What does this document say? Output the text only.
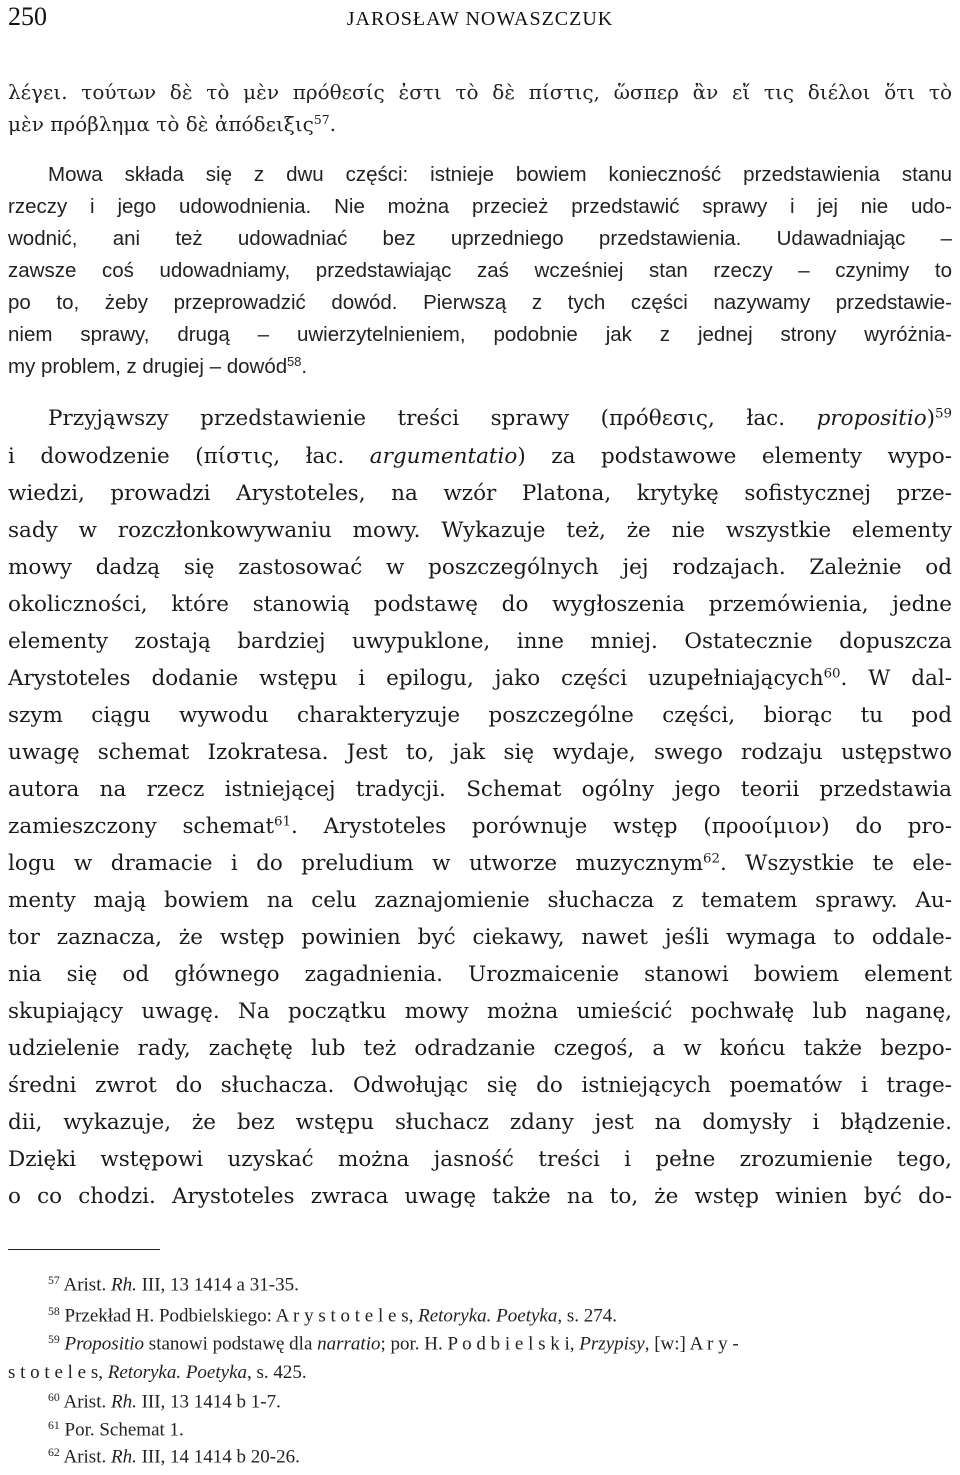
250	JAROSŁAW NOWASZCZUK
λέγει. τούτων δὲ τὸ μὲν πρόθεσίς ἐστι τὸ δὲ πίστις, ὥσπερ ἂν εἴ τις διέλοι ὅτι τὸ
μὲν πρόβλημα τὸ δὲ ἀπόδειξις$^{57}$.
Mowa składa się z dwu części: istnieje bowiem konieczność przedstawienia stanu
rzeczy i jego udowodnienia. Nie można przecież przedstawić sprawy i jej nie udo-
wodnić, ani też udowadniać bez uprzedniego przedstawienia. Udawadniając –
zawsze coś udowadniamy, przedstawiając zaś wcześniej stan rzeczy – czynimy to
po to, żeby przeprowadzić dowód. Pierwszą z tych części nazywamy przedstawie-
niem sprawy, drugą – uwierzytelnieniem, podobnie jak z jednej strony wyróżnia-
my problem, z drugiej – dowód$^{58}$.
Przyjąwszy przedstawienie treści sprawy (πρόθεσις, łac. propositio)$^{59}$
i dowodzenie (πίστις, łac. argumentatio) za podstawowe elementy wypo-
wiedzi, prowadzi Arystoteles, na wzór Platona, krytykę sofistycznej prze-
sady w rozczłonkowywaniu mowy. Wykazuje też, że nie wszystkie elementy
mowy dadzą się zastosować w poszczególnych jej rodzajach. Zależnie od
okoliczności, które stanowią podstawę do wygłoszenia przemówienia, jedne
elementy zostają bardziej uwypuklone, inne mniej. Ostatecznie dopuszcza
Arystoteles dodanie wstępu i epilogu, jako części uzupełniających$^{60}$. W dal-
szym ciągu wywodu charakteryzuje poszczególne części, biorąc tu pod
uwagę schemat Izokratesa. Jest to, jak się wydaje, swego rodzaju ustępstwo
autora na rzecz istniejącej tradycji. Schemat ogólny jego teorii przedstawia
zamieszczony schemat$^{61}$. Arystoteles porównuje wstęp (προοίμιον) do pro-
logu w dramacie i do preludium w utworze muzycznym$^{62}$. Wszystkie te ele-
menty mają bowiem na celu zaznajomienie słuchacza z tematem sprawy. Au-
tor zaznacza, że wstęp powinien być ciekawy, nawet jeśli wymaga to oddale-
nia się od głównego zagadnienia. Urozmaicenie stanowi bowiem element
skupiający uwagę. Na początku mowy można umieścić pochwałę lub naganę,
udzielenie rady, zachętę lub też odradzanie czegoś, a w końcu także bezpo-
średni zwrot do słuchacza. Odwołując się do istniejących poematów i trage-
dii, wykazuje, że bez wstępu słuchacz zdany jest na domysły i błądzenie.
Dzięki wstępowi uzyskać można jasność treści i pełne zrozumienie tego,
o co chodzi. Arystoteles zwraca uwagę także na to, że wstęp winien być do-
$^{57}$ Arist. Rh. III, 13 1414 a 31-35.
$^{58}$ Przekład H. Podbielskiego: A r y s t o t e l e s, Retoryka. Poetyka, s. 274.
$^{59}$ Propositio stanowi podstawę dla narratio; por. H. P o d b i e l s k i, Przypisy, [w:] A r y -
s t o t e l e s, Retoryka. Poetyka, s. 425.
$^{60}$ Arist. Rh. III, 13 1414 b 1-7.
$^{61}$ Por. Schemat 1.
$^{62}$ Arist. Rh. III, 14 1414 b 20-26.
